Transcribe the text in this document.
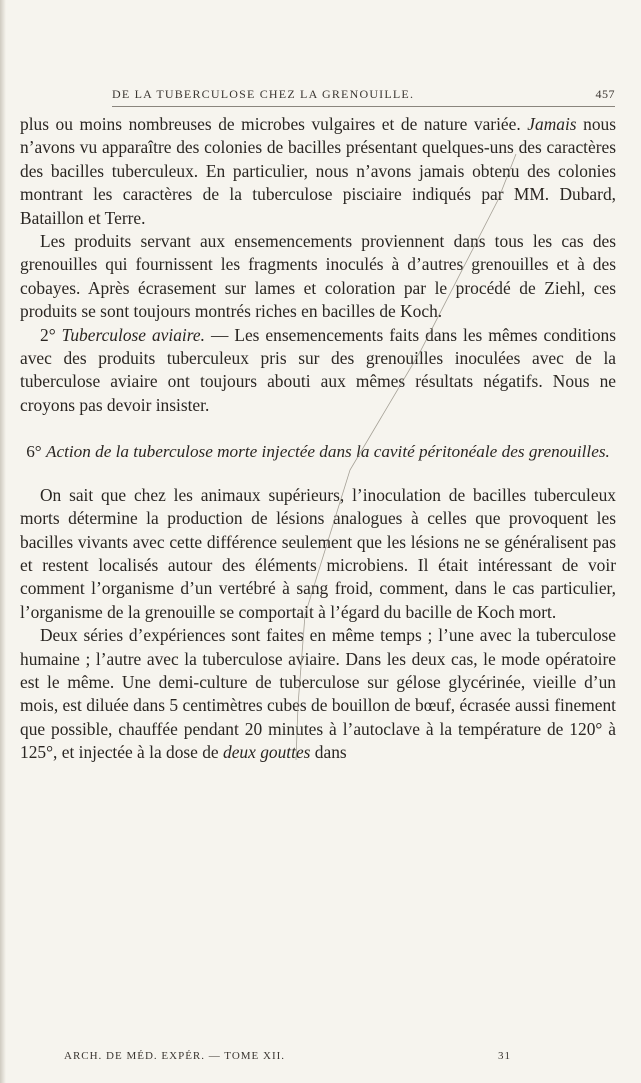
DE LA TUBERCULOSE CHEZ LA GRENOUILLE.	457

plus ou moins nombreuses de microbes vulgaires et de nature variée. Jamais nous n’avons vu apparaître des colonies de bacilles présentant quelques-uns des caractères des bacilles tuberculeux. En particulier, nous n’avons jamais obtenu des colonies montrant les caractères de la tuberculose pisciaire indiqués par MM. Dubard, Bataillon et Terre.

Les produits servant aux ensemencements proviennent dans tous les cas des grenouilles qui fournissent les fragments inoculés à d’autres grenouilles et à des cobayes. Après écrasement sur lames et coloration par le procédé de Ziehl, ces produits se sont toujours montrés riches en bacilles de Koch.

2° Tuberculose aviaire. — Les ensemencements faits dans les mêmes conditions avec des produits tuberculeux pris sur des grenouilles inoculées avec de la tuberculose aviaire ont toujours abouti aux mêmes résultats négatifs. Nous ne croyons pas devoir insister.

6° Action de la tuberculose morte injectée dans la cavité péritonéale des grenouilles.

On sait que chez les animaux supérieurs, l’inoculation de bacilles tuberculeux morts détermine la production de lésions analogues à celles que provoquent les bacilles vivants avec cette différence seulement que les lésions ne se généralisent pas et restent localisés autour des éléments microbiens. Il était intéressant de voir comment l’organisme d’un vertébré à sang froid, comment, dans le cas particulier, l’organisme de la grenouille se comportait à l’égard du bacille de Koch mort.

Deux séries d’expériences sont faites en même temps ; l’une avec la tuberculose humaine ; l’autre avec la tuberculose aviaire. Dans les deux cas, le mode opératoire est le même. Une demi-culture de tuberculose sur gélose glycérinée, vieille d’un mois, est diluée dans 5 centimètres cubes de bouillon de bœuf, écrasée aussi finement que possible, chauffée pendant 20 minutes à l’autoclave à la température de 120° à 125°, et injectée à la dose de deux gouttes dans

ARCH. DE MÉD. EXPÉR. — TOME XII.	31
